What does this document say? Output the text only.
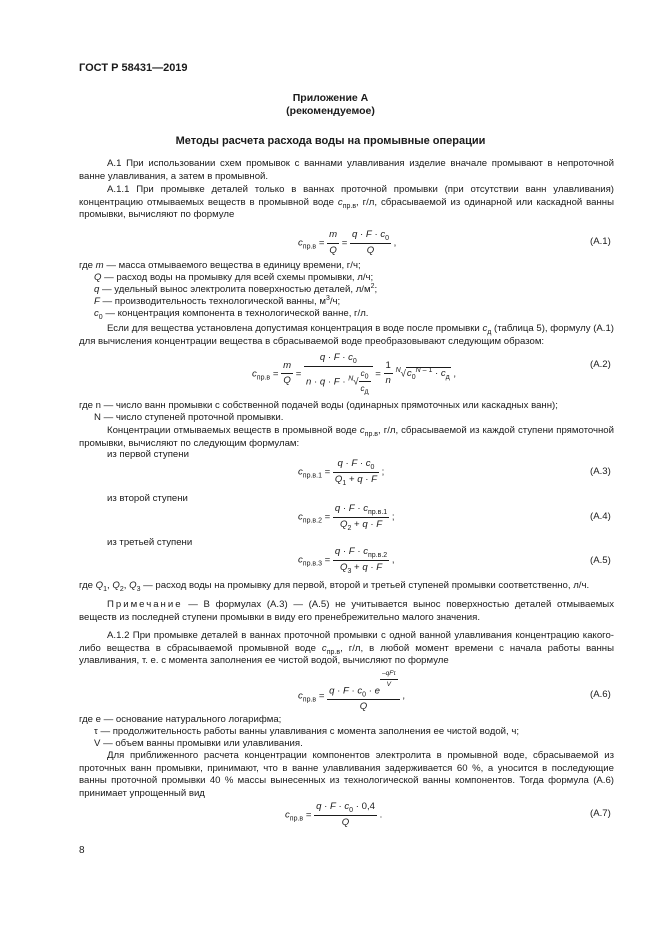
ГОСТ Р 58431—2019
Приложение А
(рекомендуемое)
Методы расчета расхода воды на промывные операции
А.1 При использовании схем промывок с ваннами улавливания изделие вначале промывают в непроточной ванне улавливания, а затем в промывной.
А.1.1 При промывке деталей только в ваннах проточной промывки (при отсутствии ванн улавливания) концентрацию отмываемых веществ в промывной воде $c_{пр.в}$, г/л, сбрасываемой из одинарной или каскадной ванны промывки, вычисляют по формуле
$c_{пр.в} = \frac{m}{Q} = \frac{q \cdot F \cdot c_0}{Q}$ ,	(А.1)
где m — масса отмываемого вещества в единицу времени, г/ч;
Q — расход воды на промывку для всей схемы промывки, л/ч;
q — удельный вынос электролита поверхностью деталей, $л/м^2$;
F — производительность технологической ванны, $м^3/ч$;
$c_0$ — концентрация компонента в технологической ванне, г/л.
Если для вещества установлена допустимая концентрация в воде после промывки $c_д$ (таблица 5), формулу (А.1) для вычисления концентрации вещества в сбрасываемой воде преобразовывают следующим образом:
$c_{пр.в} = \frac{m}{Q} = \frac{q \cdot F \cdot c_0}{n \cdot q \cdot F \cdot ^N√ \frac{c_0}{c_д}} = \frac{1}{n} ^N√c_0^{N - 1} \cdot c_д$ ,
(А.2)
где n — число ванн промывки с собственной подачей воды (одинарных прямоточных или каскадных ванн);
N — число ступеней проточной промывки.
Концентрации отмываемых веществ в промывной воде $c_{пр.в}$, г/л, сбрасываемой из каждой ступени прямоточной промывки, вычисляют по следующим формулам:
из первой ступени
$c_{пр.в.1} = \frac{q \cdot F \cdot c_0}{Q_1 + q \cdot F}$ ;	(А.3)
из второй ступени
$c_{пр.в.2} = \frac{q \cdot F \cdot c_{пр.в.1}}{Q_2 + q \cdot F}$ ;	(А.4)
из третьей ступени
$c_{пр.в.3} = \frac{q \cdot F \cdot c_{пр.в.2}}{Q_3 + q \cdot F}$ ,	(А.5)
где $Q_1$, $Q_2$, $Q_3$ — расход воды на промывку для первой, второй и третьей ступеней промывки соответственно, л/ч.
Примечание — В формулах (А.3) — (А.5) не учитывается вынос поверхностью деталей отмываемых веществ из последней ступени промывки в виду его пренебрежительно малого значения.
А.1.2 При промывке деталей в ваннах проточной промывки с одной ванной улавливания концентрацию какого-либо вещества в сбрасываемой промывной воде $c_{пр.в}$, г/л, в любой момент времени с начала работы ванны улавливания, т. е. с момента заполнения ее чистой водой, вычисляют по формуле
$c_{пр.в} = q \cdot F \cdot c_0 \cdot e$
$^{\frac{\text{–qFτ}}{V}}$
Q ,	(А.6)
где e — основание натурального логарифма;
τ — продолжительность работы ванны улавливания с момента заполнения ее чистой водой, ч;
V — объем ванны промывки или улавливания.
Для приближенного расчета концентрации компонентов электролита в промывной воде, сбрасываемой из проточных ванн промывки, принимают, что в ванне улавливания задерживается 60 %, а уносится в последующие ванны проточной промывки 40 % массы вынесенных из технологической ванны компонентов. Тогда формула (А.6) принимает упрощенный вид
$c_{пр.в} = \frac{q \cdot F \cdot c_0 \cdot 0,4}{Q}$ .	(А.7)
8
